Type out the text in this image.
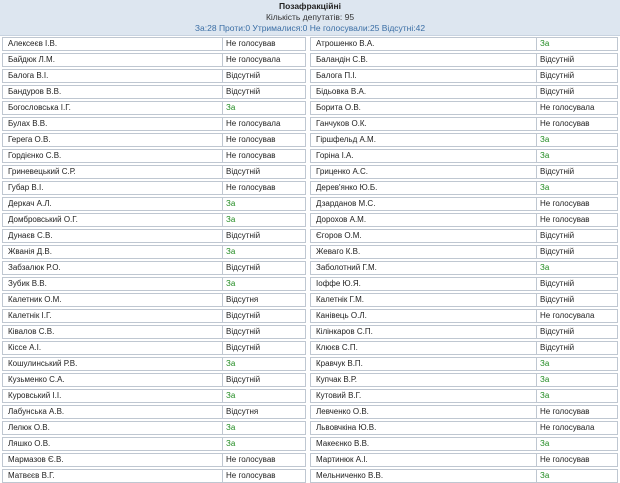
Позафракційні
Кількість депутатів: 95
За:28 Проти:0 Утрималися:0 Не голосували:25 Відсутні:42
Алексеєв І.В.	Не голосував
Байдюк Л.М.	Не голосувала
Балога В.І.	Відсутній
Бандуров В.В.	Відсутній
Богословська І.Г.	За
Булах В.В.	Не голосувала
Герега О.В.	Не голосував
Гордієнко С.В.	Не голосував
Гриневецький С.Р.	Відсутній
Губар В.І.	Не голосував
Деркач А.Л.	За
Домбровський О.Г.	За
Дунаєв С.В.	Відсутній
Жванія Д.В.	За
Забзалюк Р.О.	Відсутній
Зубик В.В.	За
Калетник О.М.	Відсутня
Калетнік І.Г.	Відсутній
Ківалов С.В.	Відсутній
Кіссе А.І.	Відсутній
Кошулинський Р.В.	За
Кузьменко С.А.	Відсутній
Куровський І.І.	За
Лабунська А.В.	Відсутня
Лелюк О.В.	За
Ляшко О.В.	За
Мармазов Є.В.	Не голосував
Матвєєв В.Г.	Не голосував
Атрошенко В.А.	За
Баландін С.В.	Відсутній
Балога П.І.	Відсутній
Бідьовка В.А.	Відсутній
Борита О.В.	Не голосувала
Ганчуков О.К.	Не голосував
Гіршфельд А.М.	За
Горіна І.А.	За
Гриценко А.С.	Відсутній
Дерев'янко Ю.Б.	За
Дзарданов М.С.	Не голосував
Дорохов А.М.	Не голосував
Єгоров О.М.	Відсутній
Жеваго К.В.	Відсутній
Заболотний Г.М.	За
Іоффе Ю.Я.	Відсутній
Калетнік Г.М.	Відсутній
Канівець О.Л.	Не голосувала
Кілінкаров С.П.	Відсутній
Клюєв С.П.	Відсутній
Кравчук В.П.	За
Купчак В.Р.	За
Кутовий В.Г.	За
Левченко О.В.	Не голосував
Львовчкіна Ю.В.	Не голосувала
Макеєнко В.В.	За
Мартинюк А.І.	Не голосував
Мельниченко В.В.	За
